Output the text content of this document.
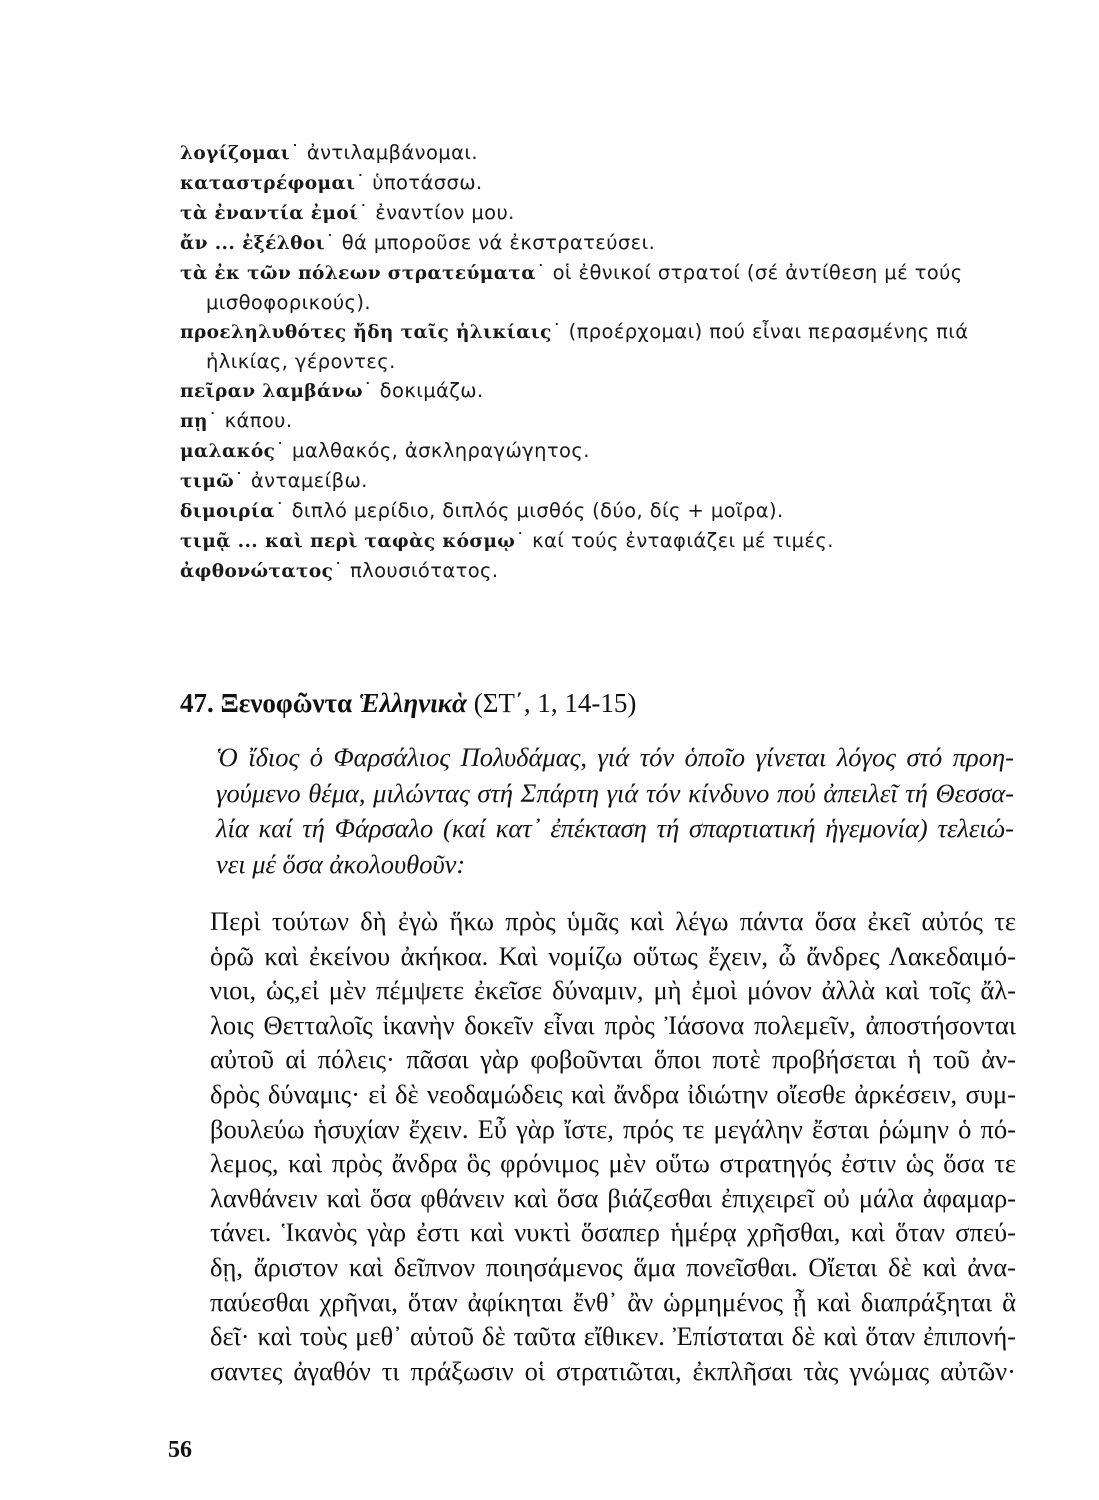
λογίζομαι˙ ἀντιλαμβάνομαι.
καταστρέφομαι˙ ὑποτάσσω.
τὰ ἐναντία ἐμοί˙ ἐναντίον μου.
ἄν ... ἐξέλθοι˙ θά μποροῦσε νά ἐκστρατεύσει.
τὰ ἐκ τῶν πόλεων στρατεύματα˙ οἱ ἐθνικοί στρατοί (σέ ἀντίθεση μέ τούς μισθοφορικούς).
προεληλυθότες ἤδη ταῖς ἡλικίαις˙ (προέρχομαι) πού εἶναι περασμένης πιά ἡλικίας, γέροντες.
πεῖραν λαμβάνω˙ δοκιμάζω.
πῃ˙ κάπου.
μαλακός˙ μαλθακός, ἀσκληραγώγητος.
τιμῶ˙ ἀνταμείβω.
διμοιρία˙ διπλό μερίδιο, διπλός μισθός (δύο, δίς + μοῖρα).
τιμᾷ ... καὶ περὶ ταφὰς κόσμῳ˙ καί τούς ἐνταφιάζει μέ τιμές.
ἀφθονώτατος˙ πλουσιότατος.
47. Ξενοφῶντα Ἑλληνικὰ (ΣΤ΄, 1, 14-15)
Ὁ ἴδιος ὁ Φαρσάλιος Πολυδάμας, γιά τόν ὁποῖο γίνεται λόγος στό προη-
γούμενο θέμα, μιλώντας στή Σπάρτη γιά τόν κίνδυνο πού ἀπειλεῖ τή Θεσσα-
λία καί τή Φάρσαλο (καί κατ᾽ ἐπέκταση τή σπαρτιατική ἡγεμονία) τελειώ-
νει μέ ὅσα ἀκολουθοῦν:
Περὶ τούτων δὴ ἐγὼ ἥκω πρὸς ὑμᾶς καὶ λέγω πάντα ὅσα ἐκεῖ αὐτός τε
ὁρῶ καὶ ἐκείνου ἀκήκοα. Καὶ νομίζω οὕτως ἔχειν, ὦ ἄνδρες Λακεδαιμό-
νιοι, ὡς,εἰ μὲν πέμψετε ἐκεῖσε δύναμιν, μὴ ἐμοὶ μόνον ἀλλὰ καὶ τοῖς ἄλ-
λοις Θετταλοῖς ἱκανὴν δοκεῖν εἶναι πρὸς Ἰάσονα πολεμεῖν, ἀποστήσονται
αὐτοῦ αἱ πόλεις· πᾶσαι γὰρ φοβοῦνται ὅποι ποτὲ προβήσεται ἡ τοῦ ἀν-
δρὸς δύναμις· εἰ δὲ νεοδαμώδεις καὶ ἄνδρα ἰδιώτην οἴεσθε ἀρκέσειν, συμ-
βουλεύω ἡσυχίαν ἔχειν. Εὖ γὰρ ἴστε, πρός τε μεγάλην ἔσται ῥώμην ὁ πό-
λεμος, καὶ πρὸς ἄνδρα ὃς φρόνιμος μὲν οὕτω στρατηγός ἐστιν ὡς ὅσα τε
λανθάνειν καὶ ὅσα φθάνειν καὶ ὅσα βιάζεσθαι ἐπιχειρεῖ οὐ μάλα ἀφαμαρ-
τάνει. Ἱκανὸς γὰρ ἐστι καὶ νυκτὶ ὅσαπερ ἡμέρᾳ χρῆσθαι, καὶ ὅταν σπεύ-
δῃ, ἄριστον καὶ δεῖπνον ποιησάμενος ἅμα πονεῖσθαι. Οἴεται δὲ καὶ ἀνα-
παύεσθαι χρῆναι, ὅταν ἀφίκηται ἔνθ᾽ ἂν ὡρμημένος ᾖ καὶ διαπράξηται ἃ
δεῖ· καὶ τοὺς μεθ᾽ αὑτοῦ δὲ ταῦτα εἴθικεν. Ἐπίσταται δὲ καὶ ὅταν ἐπιπονή-
σαντες ἀγαθόν τι πράξωσιν οἱ στρατιῶται, ἐκπλῆσαι τὰς γνώμας αὐτῶν·
56
